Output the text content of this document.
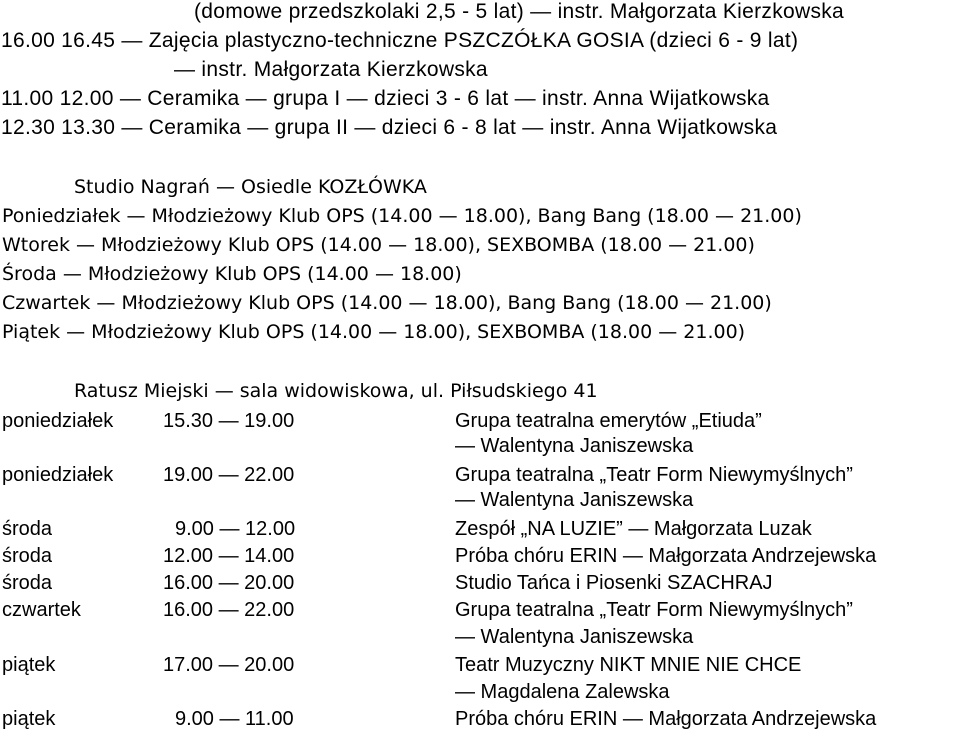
(domowe przedszkolaki 2,5 - 5 lat) — instr. Małgorzata Kierzkowska
16.00 16.45 — Zajęcia plastyczno-techniczne PSZCZÓŁKA GOSIA (dzieci 6 - 9 lat)
— instr. Małgorzata Kierzkowska
11.00 12.00 — Ceramika — grupa I — dzieci 3 - 6 lat — instr. Anna Wijatkowska
12.30 13.30 — Ceramika — grupa II — dzieci 6 - 8 lat — instr. Anna Wijatkowska
Studio Nagrań — Osiedle KOZŁÓWKA
Poniedziałek — Młodzieżowy Klub OPS (14.00 — 18.00), Bang Bang (18.00 — 21.00)
Wtorek — Młodzieżowy Klub OPS (14.00 — 18.00), SEXBOMBA (18.00 — 21.00)
Środa — Młodzieżowy Klub OPS (14.00 — 18.00)
Czwartek — Młodzieżowy Klub OPS (14.00 — 18.00), Bang Bang (18.00 — 21.00)
Piątek — Młodzieżowy Klub OPS (14.00 — 18.00), SEXBOMBA (18.00 — 21.00)
Ratusz Miejski — sala widowiskowa, ul. Piłsudskiego 41
poniedziałek 15.30 — 19.00	Grupa teatralna emerytów „Etiuda”
— Walentyna Janiszewska
poniedziałek 19.00 — 22.00	Grupa teatralna „Teatr Form Niewymyślnych”
— Walentyna Janiszewska
środa	9.00 — 12.00	Zespół „NA LUZIE” — Małgorzata Luzak
środa	12.00 — 14.00	Próba chóru ERIN — Małgorzata Andrzejewska
środa	16.00 — 20.00	Studio Tańca i Piosenki SZACHRAJ
czwartek	16.00 — 22.00	Grupa teatralna „Teatr Form Niewymyślnych”
— Walentyna Janiszewska
piątek	17.00 — 20.00	Teatr Muzyczny NIKT MNIE NIE CHCE
— Magdalena Zalewska
piątek	9.00 — 11.00	Próba chóru ERIN — Małgorzata Andrzejewska
